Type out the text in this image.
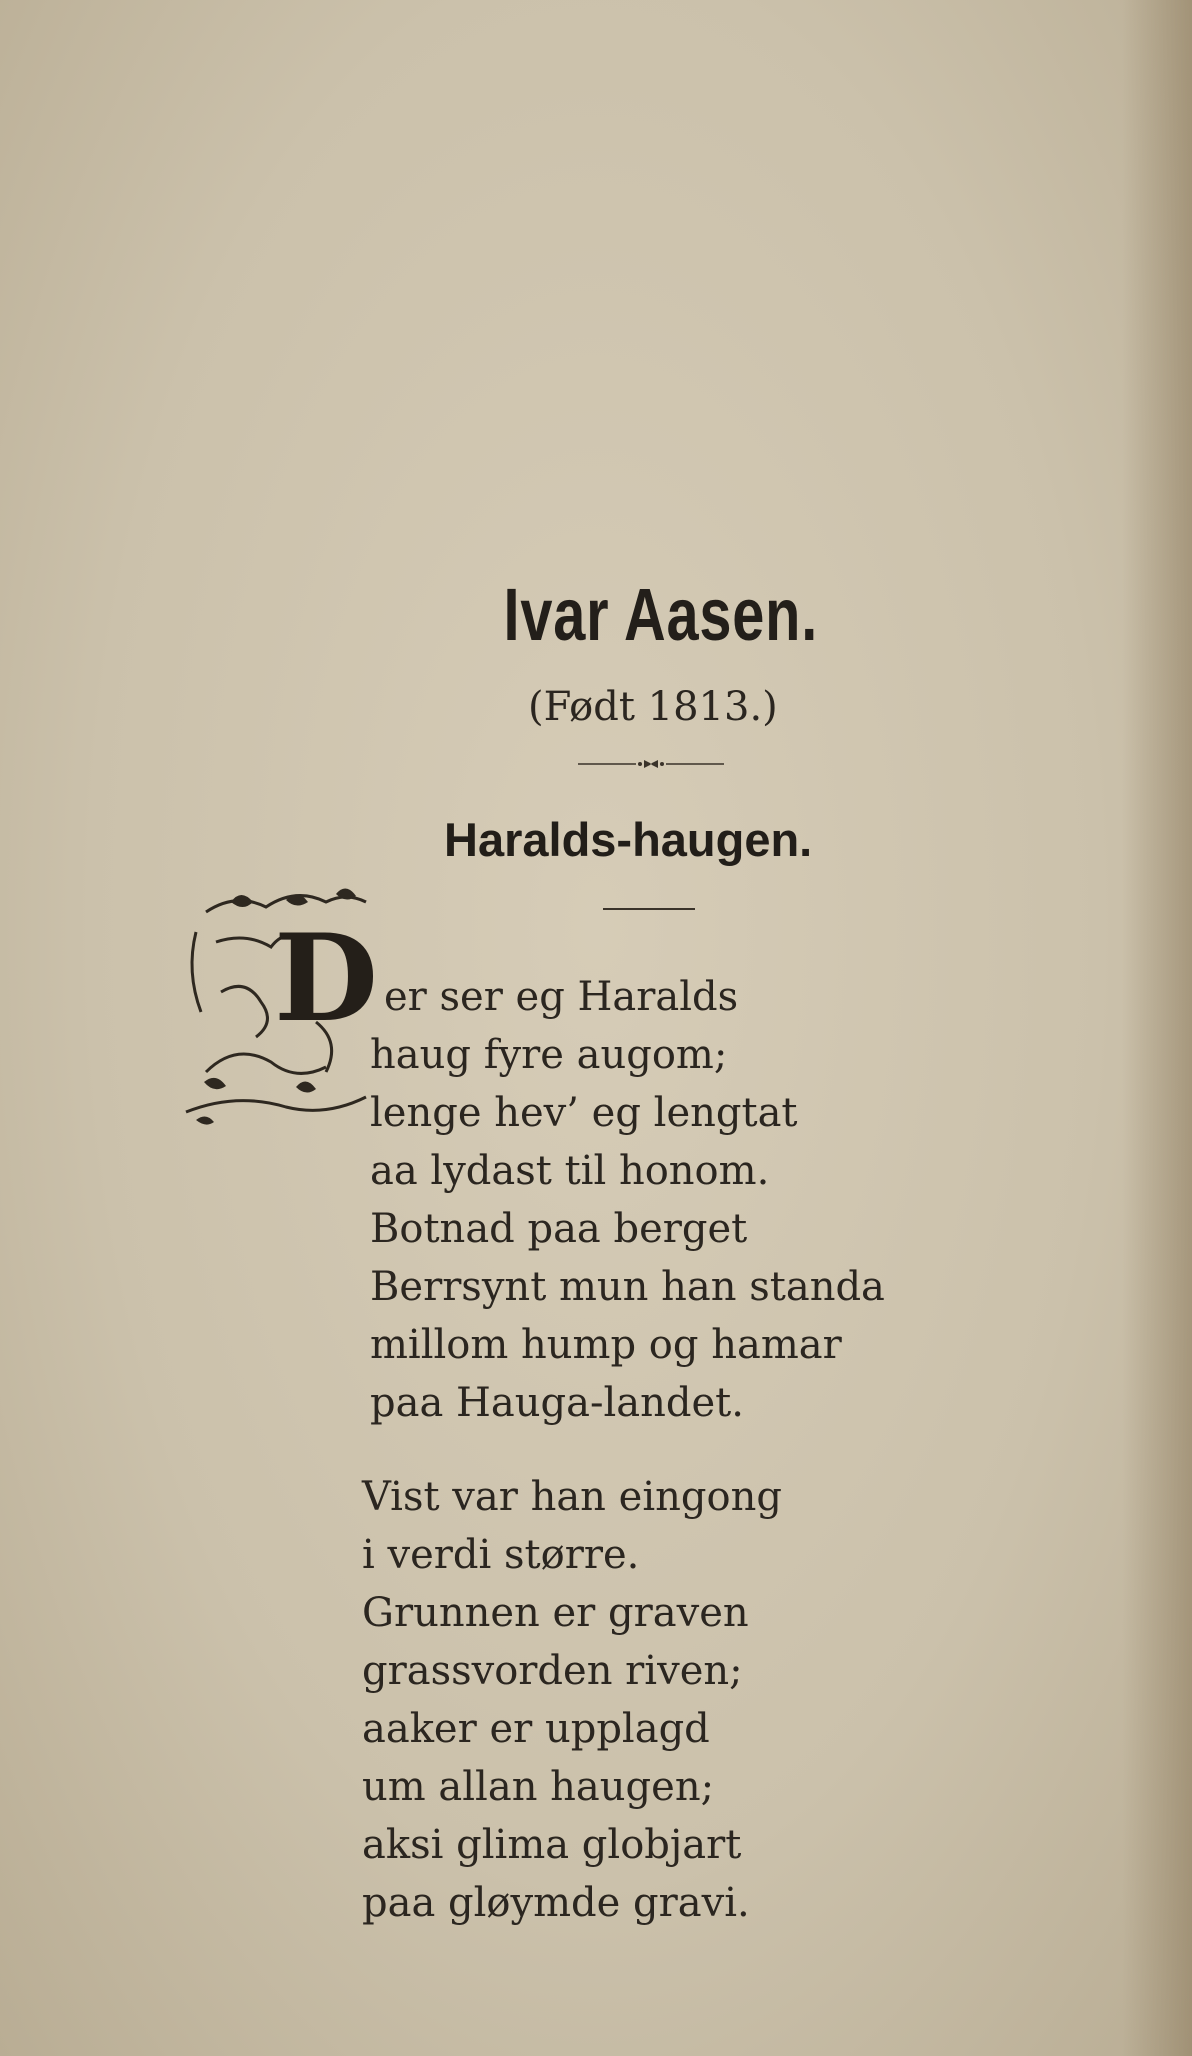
Ivar Aasen.
(Født 1813.)
Haralds-haugen.
D er ser eg Haralds
haug fyre augom;
lenge hev’ eg lengtat
aa lydast til honom.
Botnad paa berget
Berrsynt mun han standa
millom hump og hamar
paa Hauga-landet.
Vist var han eingong
i verdi større.
Grunnen er graven
grassvorden riven;
aaker er upplagd
um allan haugen;
aksi glima globjart
paa gløymde gravi.
